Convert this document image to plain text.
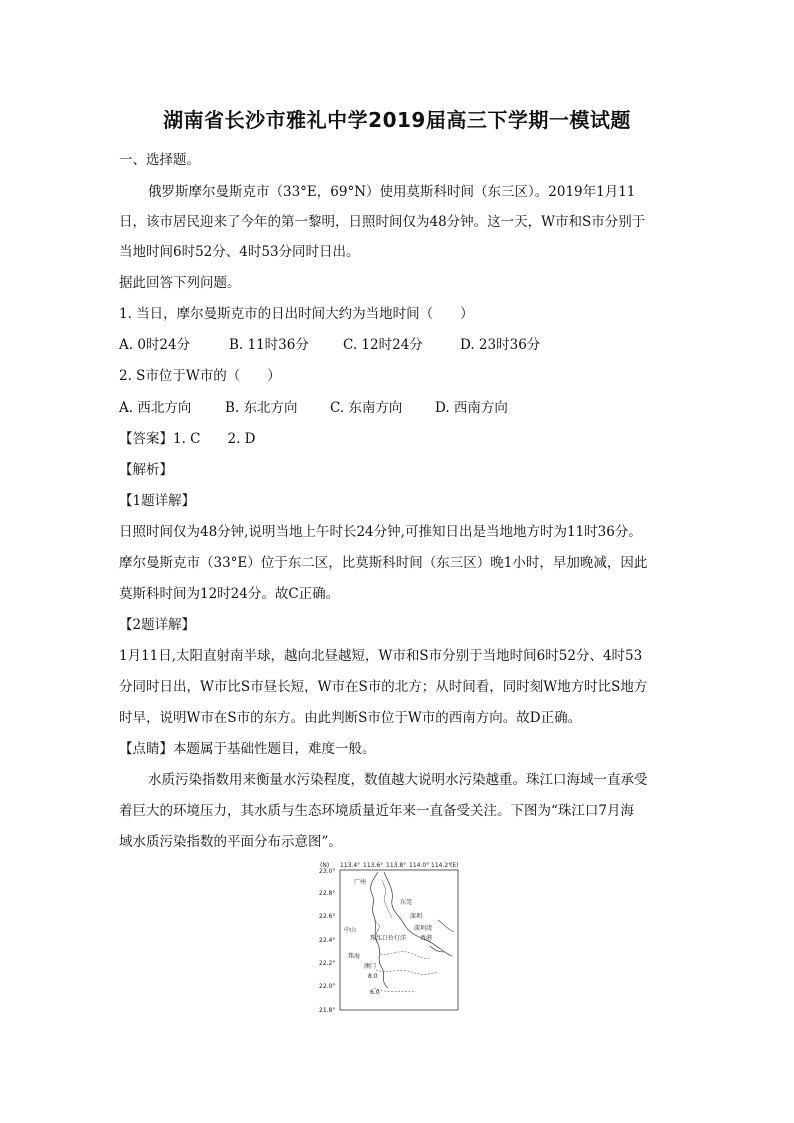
湖南省长沙市雅礼中学2019届高三下学期一模试题
一、选择题。
俄罗斯摩尔曼斯克市（33°E，69°N）使用莫斯科时间（东三区）。2019年1月11
日，该市居民迎来了今年的第一黎明，日照时间仅为48分钟。这一天，W市和S市分别于
当地时间6时52分、4时53分同时日出。
据此回答下列问题。
1. 当日，摩尔曼斯克市的日出时间大约为当地时间（　　）
A. 0时24分	B. 11时36分	C. 12时24分	D. 23时36分
2. S市位于W市的（　　）
A. 西北方向 B. 东北方向 C. 东南方向 D. 西南方向
【答案】1. C　　2. D
【解析】
【1题详解】
日照时间仅为48分钟,说明当地上午时长24分钟,可推知日出是当地地方时为11时36分。
摩尔曼斯克市（33°E）位于东二区，比莫斯科时间（东三区）晚1小时，早加晚减，因此
莫斯科时间为12时24分。故C正确。
【2题详解】
1月11日,太阳直射南半球，越向北昼越短，W市和S市分别于当地时间6时52分、4时53
分同时日出，W市比S市昼长短，W市在S市的北方；从时间看，同时刻W地方时比S地方
时早，说明W市在S市的东方。由此判断S市位于W市的西南方向。故D正确。
【点睛】本题属于基础性题目，难度一般。
水质污染指数用来衡量水污染程度，数值越大说明水污染越重。珠江口海域一直承受
着巨大的环境压力，其水质与生态环境质量近年来一直备受关注。下图为“珠江口7月海
域水质污染指数的平面分布示意图”。
(N) 113.4° 113.6° 113.8° 114.0° 114.2°
(E)
23.0°
22.8°
22.6°
22.4°
22.2°
22.0°
21.8°
广州
东莞
深圳
中山	深圳湾
伶仃洋 香港
珠海
澳门
珠江口
8.0
6.0
